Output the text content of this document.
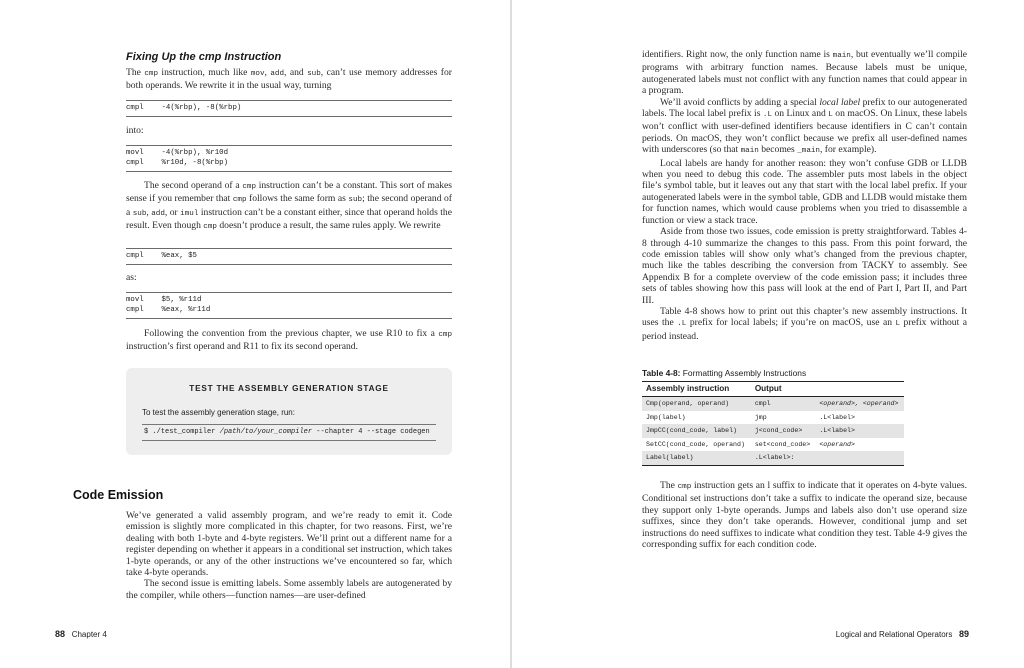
Fixing Up the cmp Instruction

The cmp instruction, much like mov, add, and sub, can’t use memory addresses for both operands. We rewrite it in the usual way, turning

cmpl    -4(%rbp), -8(%rbp)
into:
movl    -4(%rbp), %r10d
cmpl    %r10d, -8(%rbp)

The second operand of a cmp instruction can’t be a constant. This sort of makes sense if you remember that cmp follows the same form as sub; the second operand of a sub, add, or imul instruction can’t be a constant either, since that operand holds the result. Even though cmp doesn’t produce a result, the same rules apply. We rewrite

cmpl    %eax, $5
as:
movl    $5, %r11d
cmpl    %eax, %r11d

Following the convention from the previous chapter, we use R10 to fix a cmp instruction’s first operand and R11 to fix its second operand.

TEST THE ASSEMBLY GENERATION STAGE
To test the assembly generation stage, run:
$ ./test_compiler /path/to/your_compiler --chapter 4 --stage codegen
Code Emission

We’ve generated a valid assembly program, and we’re ready to emit it. Code emission is slightly more complicated in this chapter, for two reasons. First, we’re dealing with both 1-byte and 4-byte registers. We’ll print out a different name for a register depending on whether it appears in a conditional set instruction, which takes 1-byte operands, or any of the other instructions we’ve encountered so far, which take 4-byte operands.

The second issue is emitting labels. Some assembly labels are autogenerated by the compiler, while others—function names—are user-defined

88 Chapter 4

identifiers. Right now, the only function name is main, but eventually we’ll compile programs with arbitrary function names. Because labels must be unique, autogenerated labels must not conflict with any function names that could appear in a program.

We’ll avoid conflicts by adding a special local label prefix to our autogenerated labels. The local label prefix is .L on Linux and L on macOS. On Linux, these labels won’t conflict with user-defined identifiers because identifiers in C can’t contain periods. On macOS, they won’t conflict because we prefix all user-defined names with underscores (so that main becomes _main, for example).

Local labels are handy for another reason: they won’t confuse GDB or LLDB when you need to debug this code. The assembler puts most labels in the object file’s symbol table, but it leaves out any that start with the local label prefix. If your autogenerated labels were in the symbol table, GDB and LLDB would mistake them for function names, which would cause problems when you tried to disassemble a function or view a stack trace.

Aside from those two issues, code emission is pretty straightforward. Tables 4-8 through 4-10 summarize the changes to this pass. From this point forward, the code emission tables will show only what’s changed from the previous chapter, much like the tables describing the conversion from TACKY to assembly. See Appendix B for a complete overview of the code emission pass; it includes three sets of tables showing how this pass will look at the end of Part I, Part II, and Part III.

Table 4-8 shows how to print out this chapter’s new assembly instructions. It uses the .L prefix for local labels; if you’re on macOS, use an L prefix without a period instead.

Table 4-8: Formatting Assembly Instructions
Assembly instruction	Output	
Cmp(operand, operand)	cmpl	<operand>, <operand>
Jmp(label)	jmp	.L<label>
JmpCC(cond_code, label)	j<cond_code>	.L<label>
SetCC(cond_code, operand)	set<cond_code>	<operand>
Label(label)	.L<label>:	

The cmp instruction gets an l suffix to indicate that it operates on 4-byte values. Conditional set instructions don’t take a suffix to indicate the operand size, because they support only 1-byte operands. Jumps and labels also don’t use operand size suffixes, since they don’t take operands. However, conditional jump and set instructions do need suffixes to indicate what condition they test. Table 4-9 gives the corresponding suffix for each condition code.

Logical and Relational Operators 89
